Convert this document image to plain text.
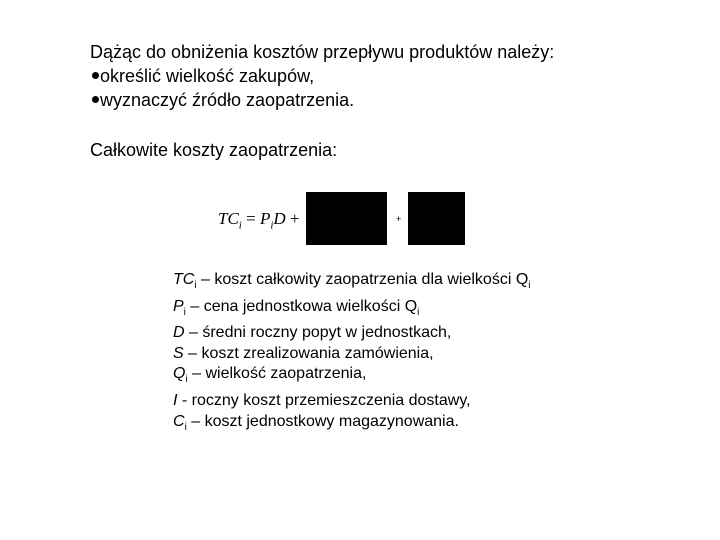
Dążąc do obniżenia kosztów przepływu produktów należy:
określić wielkość zakupów,
wyznaczyć źródło zaopatrzenia.
Całkowite koszty zaopatrzenia:
$TC_i = P_iD$ +	+
$TC_i$ – koszt całkowity zaopatrzenia dla wielkości $Q_i$
$P_i$ – cena jednostkowa wielkości $Q_i$
D – średni roczny popyt w jednostkach,
S – koszt zrealizowania zamówienia,
$Q_i$ – wielkość zaopatrzenia,
I - roczny koszt przemieszczenia dostawy,
$C_i$ – koszt jednostkowy magazynowania.
